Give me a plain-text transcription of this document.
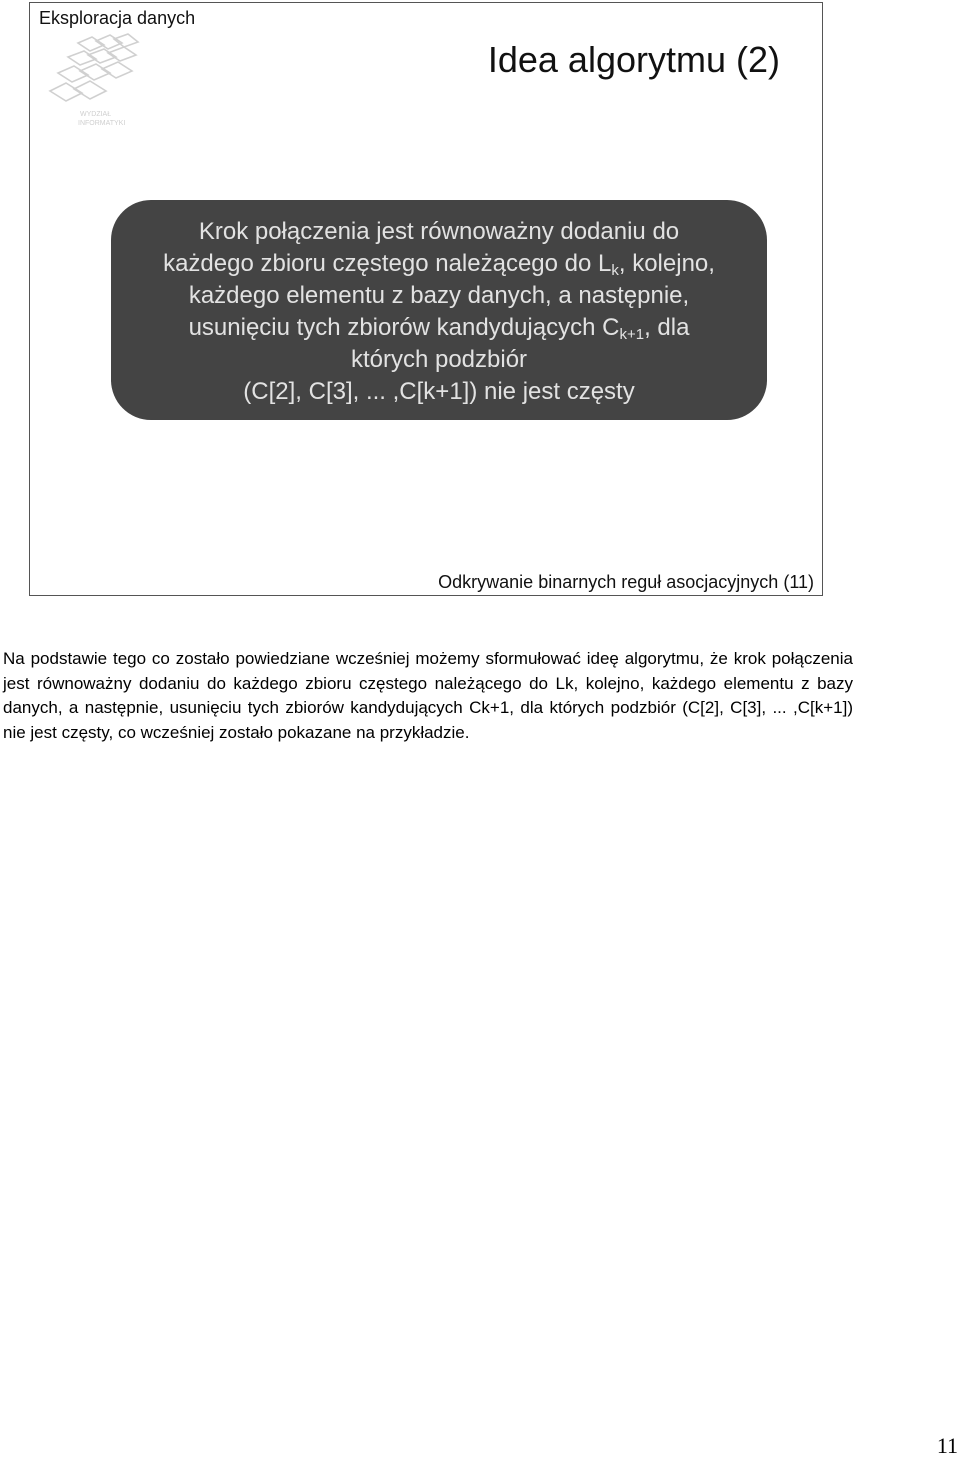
Eksploracja danych
WYDZIAŁ
INFORMATYKI
Idea algorytmu (2)
Krok połączenia jest równoważny dodaniu do
każdego zbioru częstego należącego do $L_k$, kolejno,
każdego elementu z bazy danych, a następnie,
usunięciu tych zbiorów kandydujących $C_{k+1}$, dla
których podzbiór
(C[2], C[3], ... ,C[k+1]) nie jest częsty
Odkrywanie binarnych reguł asocjacyjnych (11)
Na podstawie tego co zostało powiedziane wcześniej możemy sformułować ideę algorytmu, że krok połączenia jest równoważny dodaniu do każdego zbioru częstego należącego do Lk, kolejno, każdego elementu z bazy danych, a następnie, usunięciu tych zbiorów kandydujących Ck+1, dla których podzbiór (C[2], C[3], ... ,C[k+1]) nie jest częsty, co wcześniej zostało pokazane na przykładzie.
11
